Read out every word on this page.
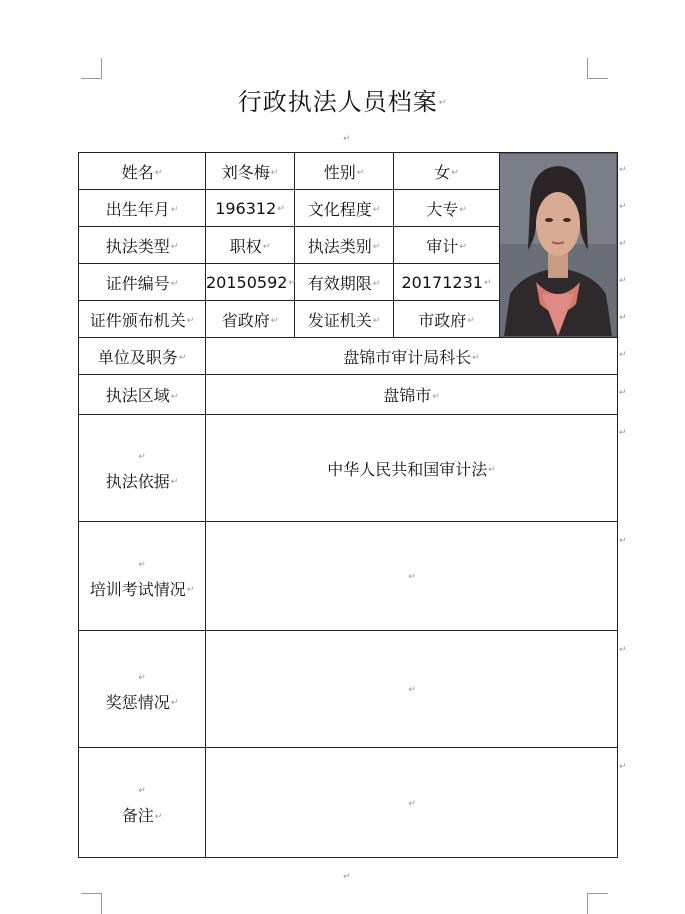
行政执法人员档案↵
↵
姓名↵	刘冬梅↵	性别↵	女↵	

出生年月↵	196312↵	文化程度↵	大专↵	
执法类型↵	职权↵	执法类别↵	审计↵	
证件编号↵	20150592↵	有效期限↵	20171231↵	
证件颁布机关↵	省政府↵	发证机关↵	市政府↵	
单位及职务↵	盘锦市审计局科长↵			
执法区域↵	盘锦市↵			

↵
执法依据↵	中华人民共和国审计法↵			

↵
培训考试情况↵	↵			

↵
奖惩情况↵	↵			

↵
备注↵	↵			
↵
↵
↵
↵
↵
↵
↵
↵
↵
↵
↵
↵
